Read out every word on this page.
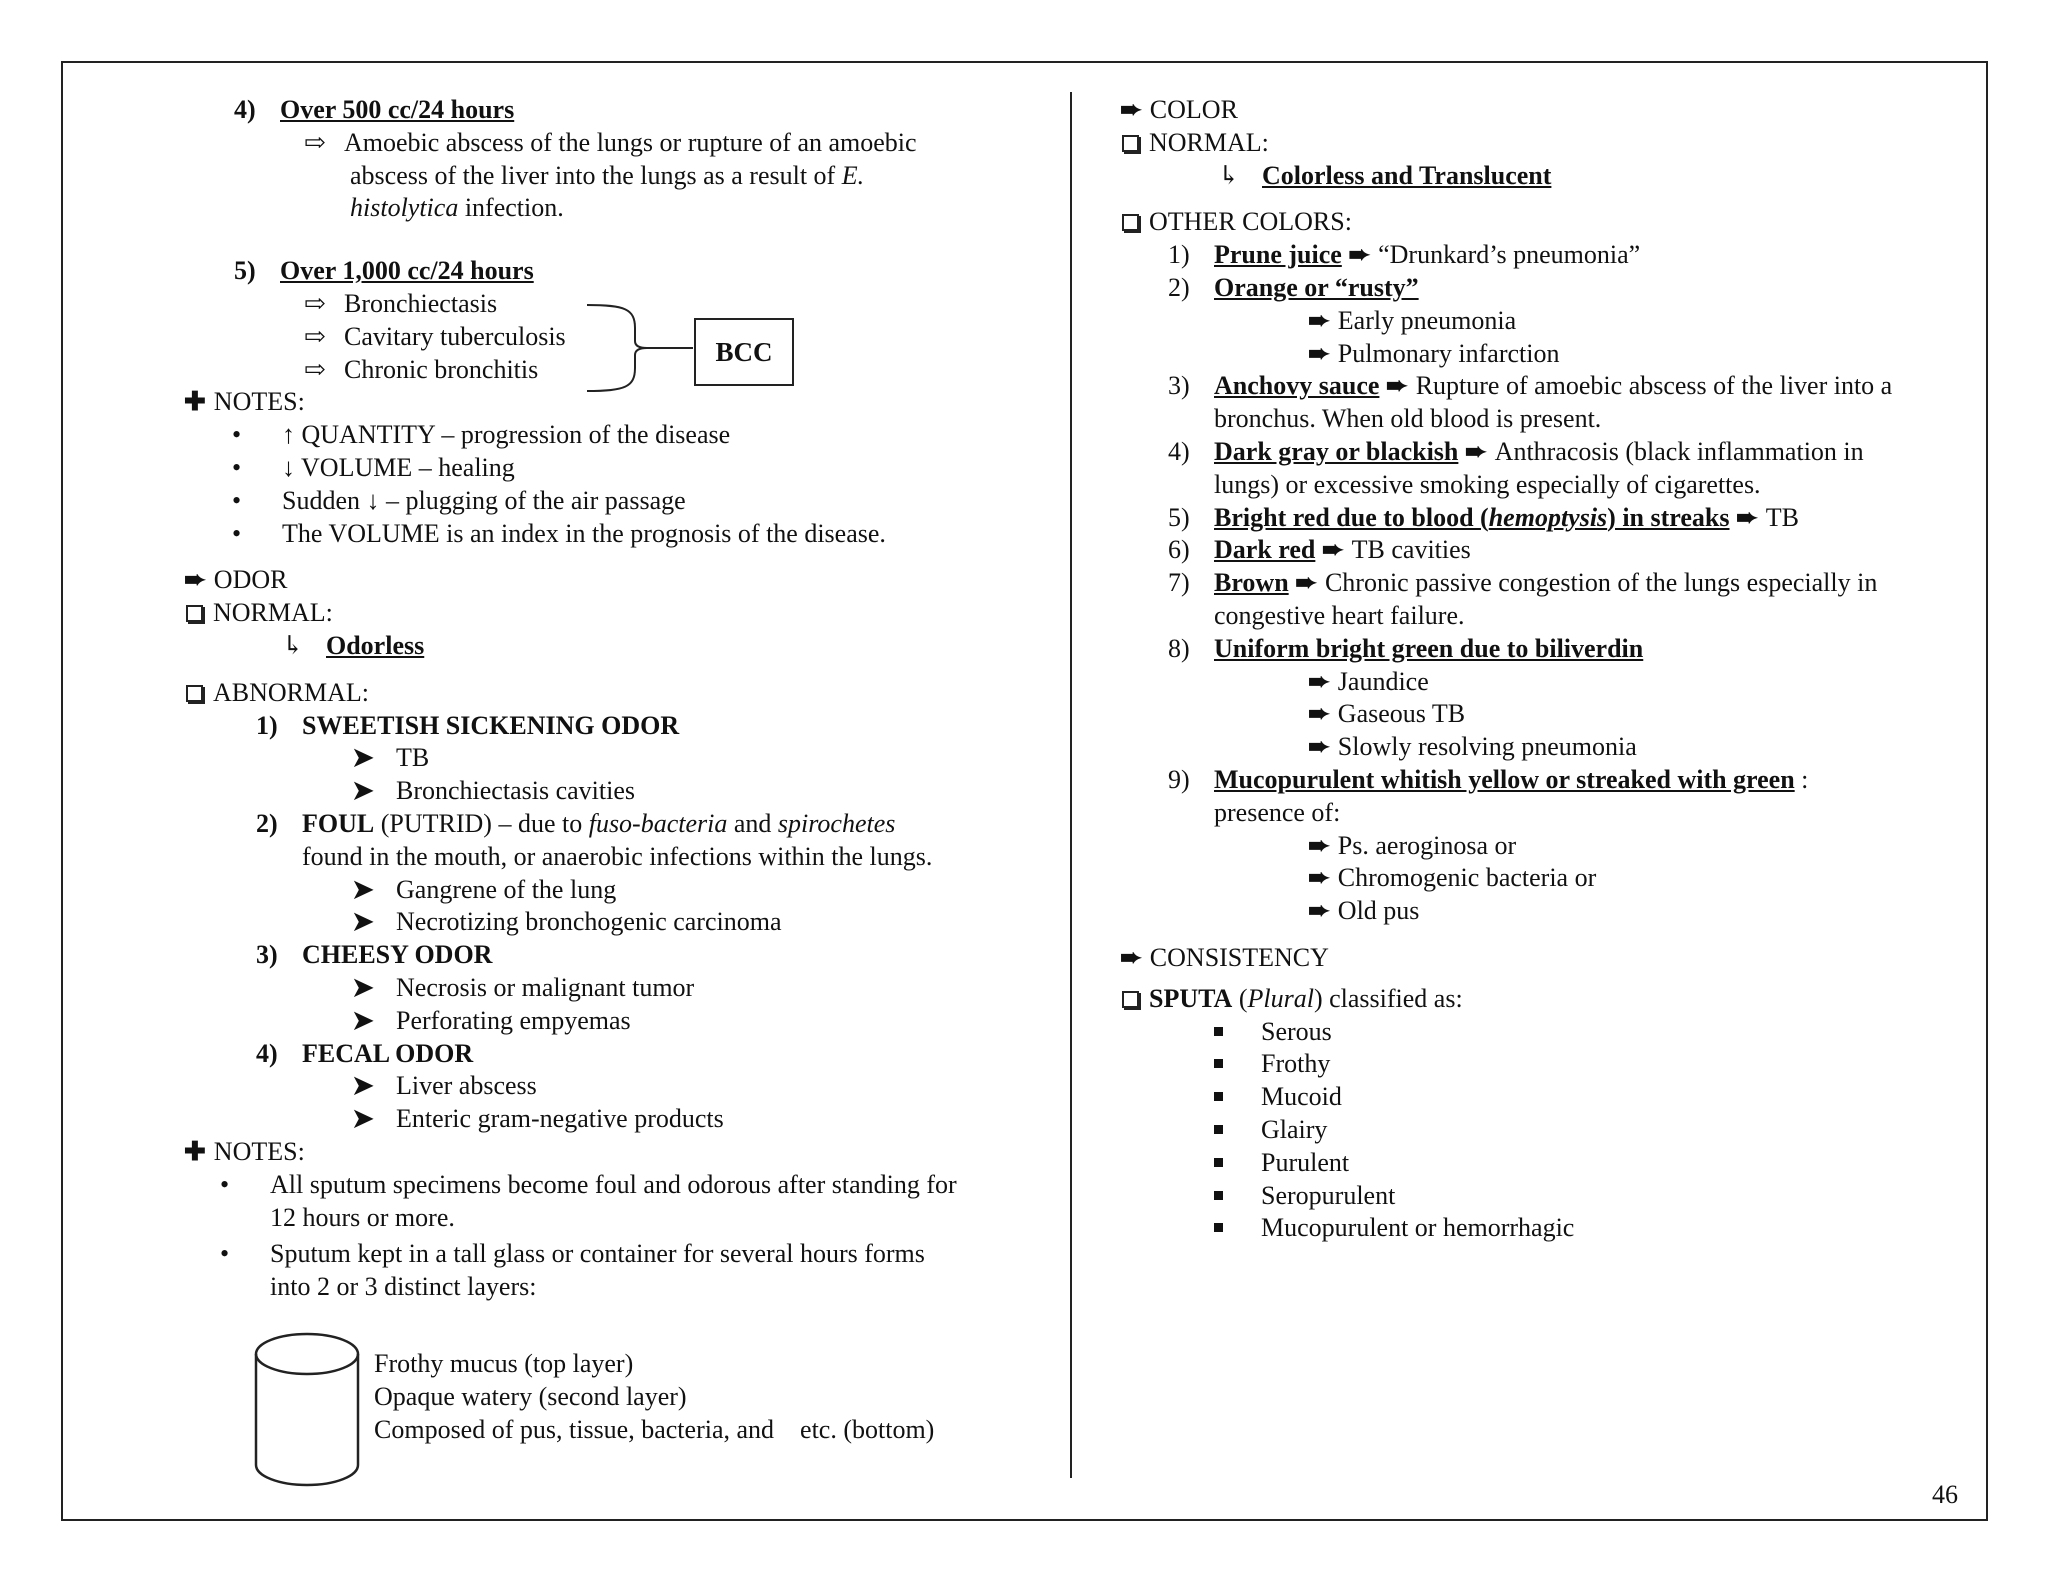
4) Over 500 cc/24 hours
⇨ Amoebic abscess of the lungs or rupture of an amoebic
abscess of the liver into the lungs as a result of E.
histolytica infection.
5) Over 1,000 cc/24 hours
⇨ Bronchiectasis
⇨ Cavitary tuberculosis
⇨ Chronic bronchitis
✚ NOTES:
• ↑ QUANTITY – progression of the disease
• ↓ VOLUME – healing
• Sudden ↓ – plugging of the air passage
• The VOLUME is an index in the prognosis of the disease.
➨ ODOR
NORMAL:
↳ Odorless
ABNORMAL:
1) SWEETISH SICKENING ODOR
➤ TB
➤ Bronchiectasis cavities
2) FOUL (PUTRID) – due to fuso-bacteria and spirochetes
found in the mouth, or anaerobic infections within the lungs.
➤ Gangrene of the lung
➤ Necrotizing bronchogenic carcinoma
3) CHEESY ODOR
➤ Necrosis or malignant tumor
➤ Perforating empyemas
4) FECAL ODOR
➤ Liver abscess
➤ Enteric gram-negative products
✚ NOTES:
• All sputum specimens become foul and odorous after standing for
12 hours or more.
• Sputum kept in a tall glass or container for several hours forms
into 2 or 3 distinct layers:
BCC
Frothy mucus (top layer)
Opaque watery (second layer)
Composed of pus, tissue, bacteria, and    etc. (bottom)
➨ COLOR
NORMAL:
↳ Colorless and Translucent
OTHER COLORS:
1) Prune juice ➨ “Drunkard’s pneumonia”
2) Orange or “rusty”
➨ Early pneumonia
➨ Pulmonary infarction
3) Anchovy sauce ➨ Rupture of amoebic abscess of the liver into a
bronchus. When old blood is present.
4) Dark gray or blackish ➨ Anthracosis (black inflammation in
lungs) or excessive smoking especially of cigarettes.
5) Bright red due to blood (hemoptysis) in streaks ➨ TB
6) Dark red ➨ TB cavities
7) Brown ➨ Chronic passive congestion of the lungs especially in
congestive heart failure.
8) Uniform bright green due to biliverdin
➨ Jaundice
➨ Gaseous TB
➨ Slowly resolving pneumonia
9) Mucopurulent whitish yellow or streaked with green :
presence of:
➨ Ps. aeroginosa or
➨ Chromogenic bacteria or
➨ Old pus
➨ CONSISTENCY
SPUTA (Plural) classified as:
Serous
Frothy
Mucoid
Glairy
Purulent
Seropurulent
Mucopurulent or hemorrhagic
46
